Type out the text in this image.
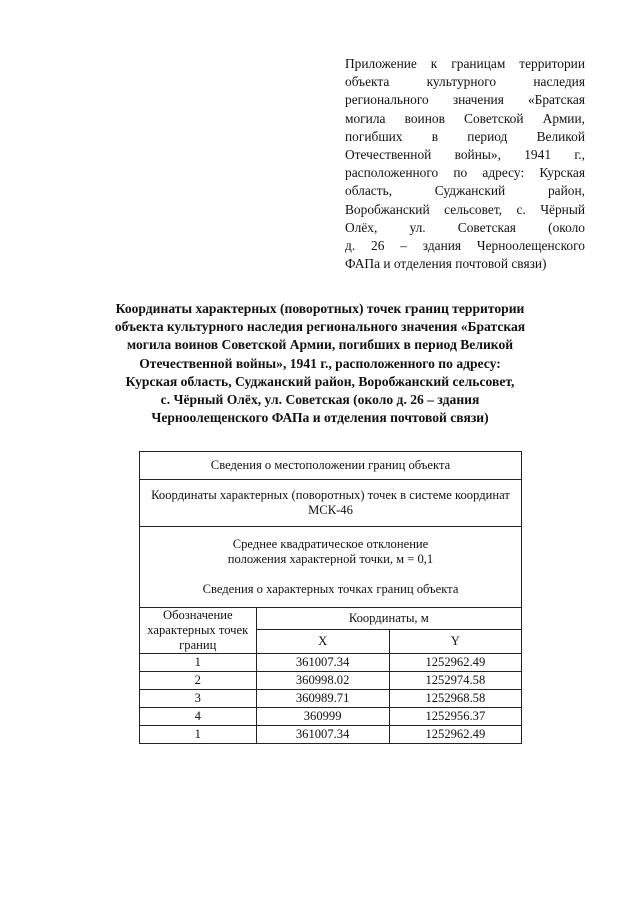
Приложение к границам территории
объекта культурного наследия
регионального значения «Братская
могила воинов Советской Армии,
погибших в период Великой
Отечественной войны», 1941 г.,
расположенного по адресу: Курская
область, Суджанский район,
Воробжанский сельсовет, с. Чёрный
Олёх, ул. Советская (около
д. 26 – здания Черноолещенского
ФАПа и отделения почтовой связи)
Координаты характерных (поворотных) точек границ территории
объекта культурного наследия регионального значения «Братская
могила воинов Советской Армии, погибших в период Великой
Отечественной войны», 1941 г., расположенного по адресу:
Курская область, Суджанский район, Воробжанский сельсовет,
с. Чёрный Олёх, ул. Советская (около д. 26 – здания
Черноолещенского ФАПа и отделения почтовой связи)
Сведения о местоположении границ объекта		

Координаты характерных (поворотных) точек в системе координат
МСК-46		

Среднее квадратическое отклонение
положения характерной точки, м = 0,1
Сведения о характерных точках границ объекта		

Обозначение характерных точек границ	Координаты, м	
	X	Y
1	361007.34	1252962.49
2	360998.02	1252974.58
3	360989.71	1252968.58
4	360999	1252956.37
1	361007.34	1252962.49
